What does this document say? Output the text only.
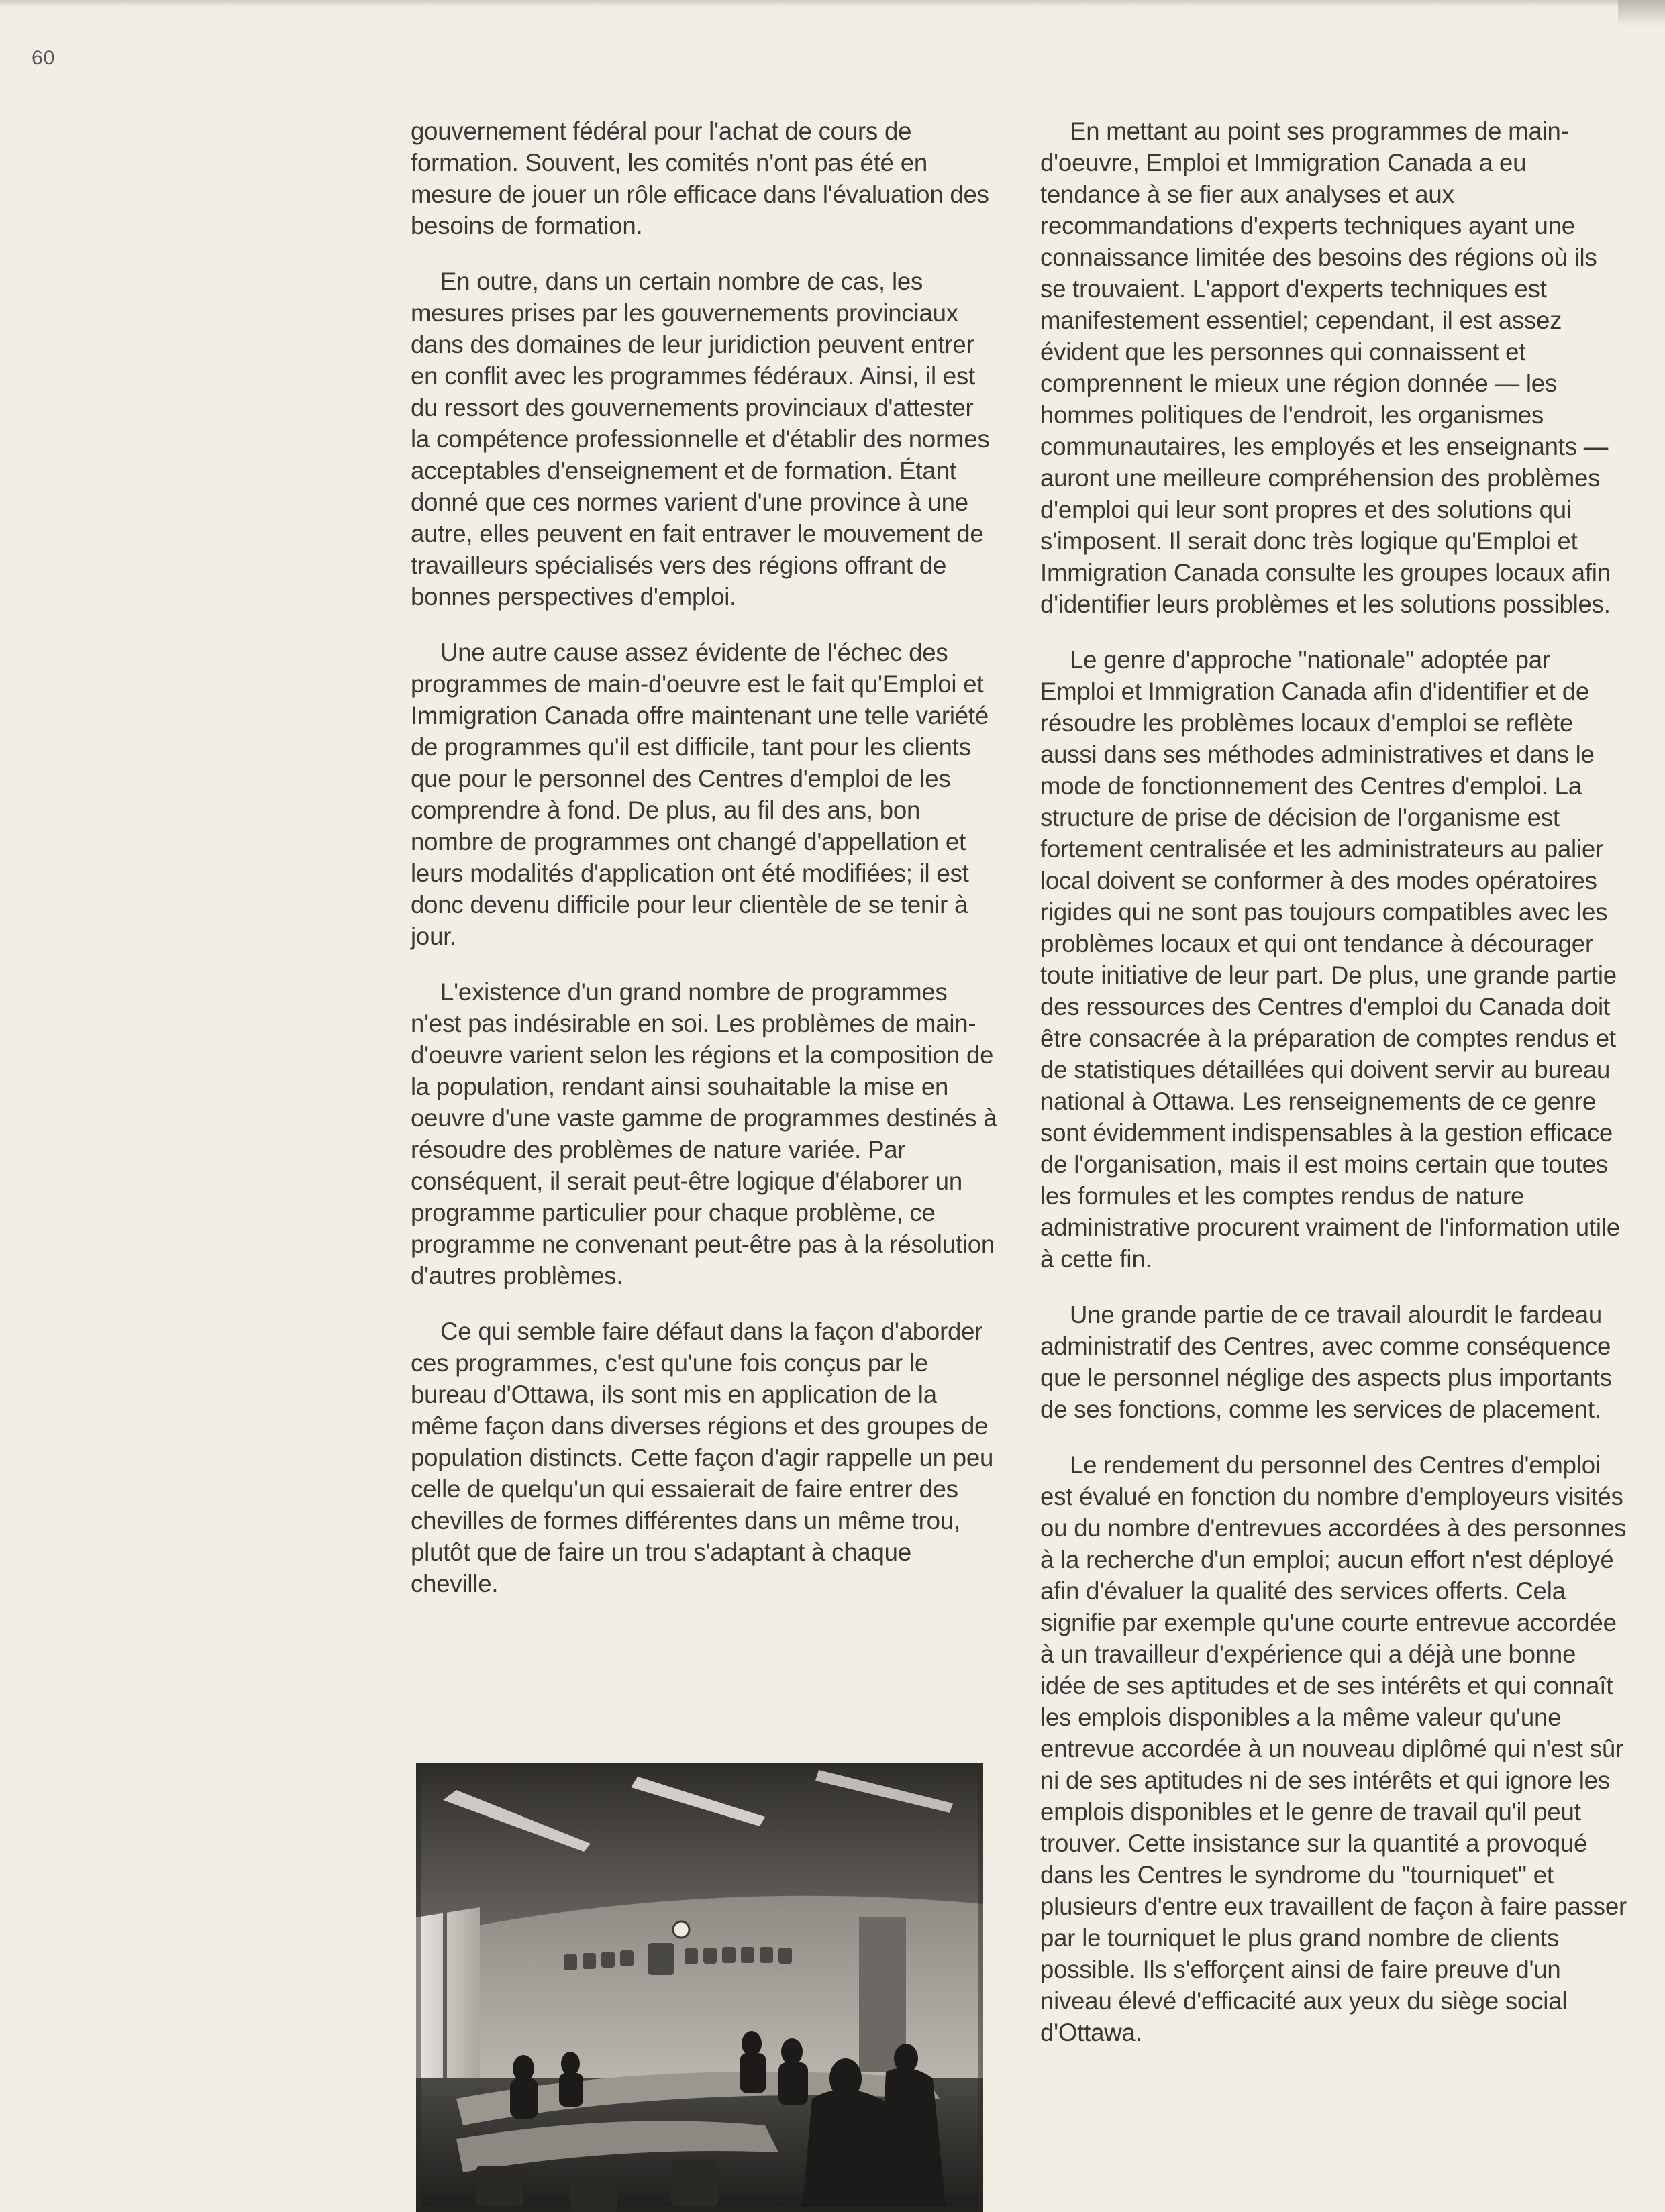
60

gouvernement fédéral pour l'achat de cours de formation. Souvent, les comités n'ont pas été en mesure de jouer un rôle efficace dans l'évaluation des besoins de formation.

En outre, dans un certain nombre de cas, les mesures prises par les gouvernements provinciaux dans des domaines de leur juridiction peuvent entrer en conflit avec les programmes fédéraux. Ainsi, il est du ressort des gouvernements provinciaux d'attester la compétence professionnelle et d'établir des normes acceptables d'enseignement et de formation. Étant donné que ces normes varient d'une province à une autre, elles peuvent en fait entraver le mouvement de travailleurs spécialisés vers des régions offrant de bonnes perspectives d'emploi.

Une autre cause assez évidente de l'échec des programmes de main-d'oeuvre est le fait qu'Emploi et Immigration Canada offre maintenant une telle variété de programmes qu'il est difficile, tant pour les clients que pour le personnel des Centres d'emploi de les comprendre à fond. De plus, au fil des ans, bon nombre de programmes ont changé d'appellation et leurs modalités d'application ont été modifiées; il est donc devenu difficile pour leur clientèle de se tenir à jour.

L'existence d'un grand nombre de programmes n'est pas indésirable en soi. Les problèmes de main-d'oeuvre varient selon les régions et la composition de la population, rendant ainsi souhaitable la mise en oeuvre d'une vaste gamme de programmes destinés à résoudre des problèmes de nature variée. Par conséquent, il serait peut-être logique d'élaborer un programme particulier pour chaque problème, ce programme ne convenant peut-être pas à la résolution d'autres problèmes.

Ce qui semble faire défaut dans la façon d'aborder ces programmes, c'est qu'une fois conçus par le bureau d'Ottawa, ils sont mis en application de la même façon dans diverses régions et des groupes de population distincts. Cette façon d'agir rappelle un peu celle de quelqu'un qui essaierait de faire entrer des chevilles de formes différentes dans un même trou, plutôt que de faire un trou s'adaptant à chaque cheville.

En mettant au point ses programmes de main-d'oeuvre, Emploi et Immigration Canada a eu tendance à se fier aux analyses et aux recommandations d'experts techniques ayant une connaissance limitée des besoins des régions où ils se trouvaient. L'apport d'experts techniques est manifestement essentiel; cependant, il est assez évident que les personnes qui connaissent et comprennent le mieux une région donnée — les hommes politiques de l'endroit, les organismes communautaires, les employés et les enseignants — auront une meilleure compréhension des problèmes d'emploi qui leur sont propres et des solutions qui s'imposent. Il serait donc très logique qu'Emploi et Immigration Canada consulte les groupes locaux afin d'identifier leurs problèmes et les solutions possibles.

Le genre d'approche "nationale" adoptée par Emploi et Immigration Canada afin d'identifier et de résoudre les problèmes locaux d'emploi se reflète aussi dans ses méthodes administratives et dans le mode de fonctionnement des Centres d'emploi. La structure de prise de décision de l'organisme est fortement centralisée et les administrateurs au palier local doivent se conformer à des modes opératoires rigides qui ne sont pas toujours compatibles avec les problèmes locaux et qui ont tendance à décourager toute initiative de leur part. De plus, une grande partie des ressources des Centres d'emploi du Canada doit être consacrée à la préparation de comptes rendus et de statistiques détaillées qui doivent servir au bureau national à Ottawa. Les renseignements de ce genre sont évidemment indispensables à la gestion efficace de l'organisation, mais il est moins certain que toutes les formules et les comptes rendus de nature administrative procurent vraiment de l'information utile à cette fin.

Une grande partie de ce travail alourdit le fardeau administratif des Centres, avec comme conséquence que le personnel néglige des aspects plus importants de ses fonctions, comme les services de placement.

Le rendement du personnel des Centres d'emploi est évalué en fonction du nombre d'employeurs visités ou du nombre d'entrevues accordées à des personnes à la recherche d'un emploi; aucun effort n'est déployé afin d'évaluer la qualité des services offerts. Cela signifie par exemple qu'une courte entrevue accordée à un travailleur d'expérience qui a déjà une bonne idée de ses aptitudes et de ses intérêts et qui connaît les emplois disponibles a la même valeur qu'une entrevue accordée à un nouveau diplômé qui n'est sûr ni de ses aptitudes ni de ses intérêts et qui ignore les emplois disponibles et le genre de travail qu'il peut trouver. Cette insistance sur la quantité a provoqué dans les Centres le syndrome du "tourniquet" et plusieurs d'entre eux travaillent de façon à faire passer par le tourniquet le plus grand nombre de clients possible. Ils s'efforçent ainsi de faire preuve d'un niveau élevé d'efficacité aux yeux du siège social d'Ottawa.
